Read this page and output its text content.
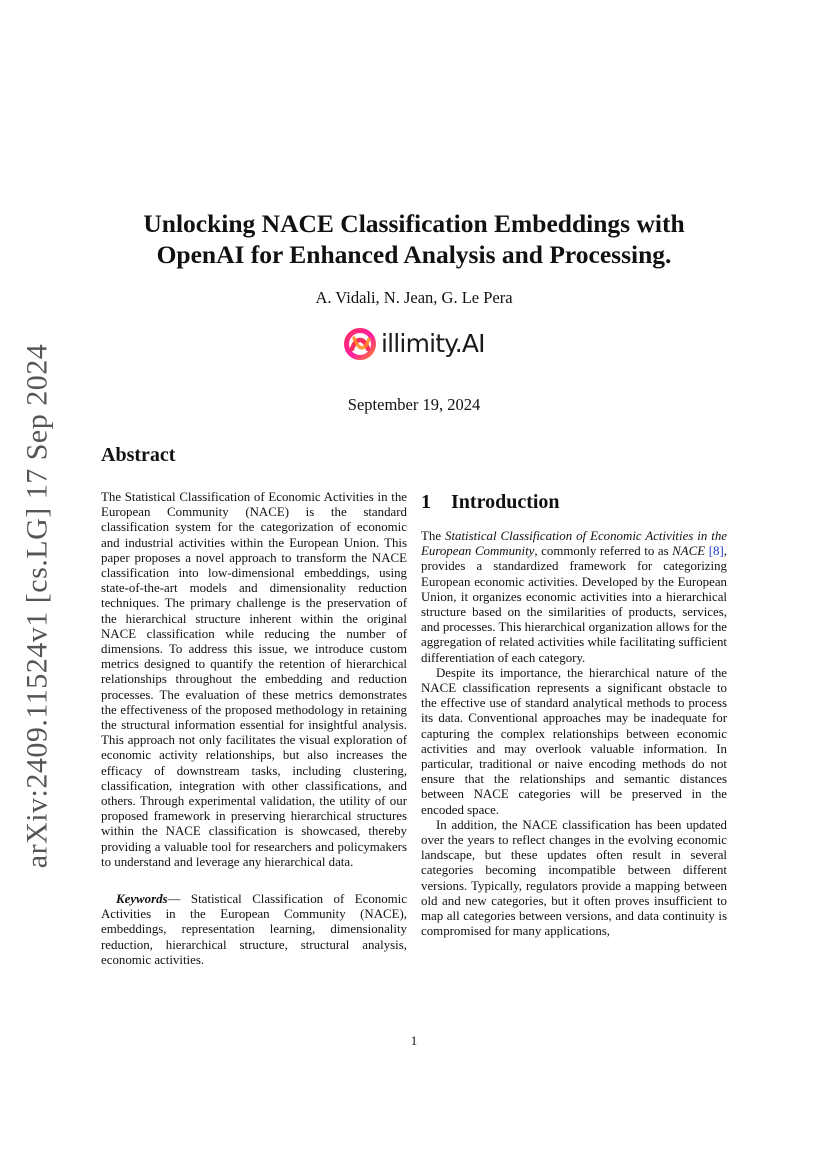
arXiv:2409.11524v1 [cs.LG] 17 Sep 2024
Unlocking NACE Classification Embeddings with
OpenAI for Enhanced Analysis and Processing.
A. Vidali, N. Jean, G. Le Pera
illimity.AI
September 19, 2024
Abstract

The Statistical Classification of Economic Activities in the European Community (NACE) is the standard classification system for the categorization of economic and industrial activities within the European Union. This paper proposes a novel approach to transform the NACE classification into low-dimensional embeddings, using state-of-the-art models and dimensionality reduction techniques. The primary challenge is the preservation of the hierarchical structure inherent within the original NACE classification while reducing the number of dimensions. To address this issue, we introduce custom metrics designed to quantify the retention of hierarchical relationships throughout the embedding and reduction processes. The evaluation of these metrics demonstrates the effectiveness of the proposed methodology in retaining the structural information essential for insightful analysis. This approach not only facilitates the visual exploration of economic activity relationships, but also increases the efficacy of downstream tasks, including clustering, classification, integration with other classifications, and others. Through experimental validation, the utility of our proposed framework in preserving hierarchical structures within the NACE classification is showcased, thereby providing a valuable tool for researchers and policymakers to understand and leverage any hierarchical data.

Keywords— Statistical Classification of Economic Activities in the European Community (NACE), embeddings, representation learning, dimensionality reduction, hierarchical structure, structural analysis, economic activities.

1 Introduction

The Statistical Classification of Economic Activities in the European Community, commonly referred to as NACE [8], provides a standardized framework for categorizing European economic activities. Developed by the European Union, it organizes economic activities into a hierarchical structure based on the similarities of products, services, and processes. This hierarchical organization allows for the aggregation of related activities while facilitating sufficient differentiation of each category.

Despite its importance, the hierarchical nature of the NACE classification represents a significant obstacle to the effective use of standard analytical methods to process its data. Conventional approaches may be inadequate for capturing the complex relationships between economic activities and may overlook valuable information. In particular, traditional or naive encoding methods do not ensure that the relationships and semantic distances between NACE categories will be preserved in the encoded space.

In addition, the NACE classification has been updated over the years to reflect changes in the evolving economic landscape, but these updates often result in several categories becoming incompatible between different versions. Typically, regulators provide a mapping between old and new categories, but it often proves insufficient to map all categories between versions, and data continuity is compromised for many applications,

1
